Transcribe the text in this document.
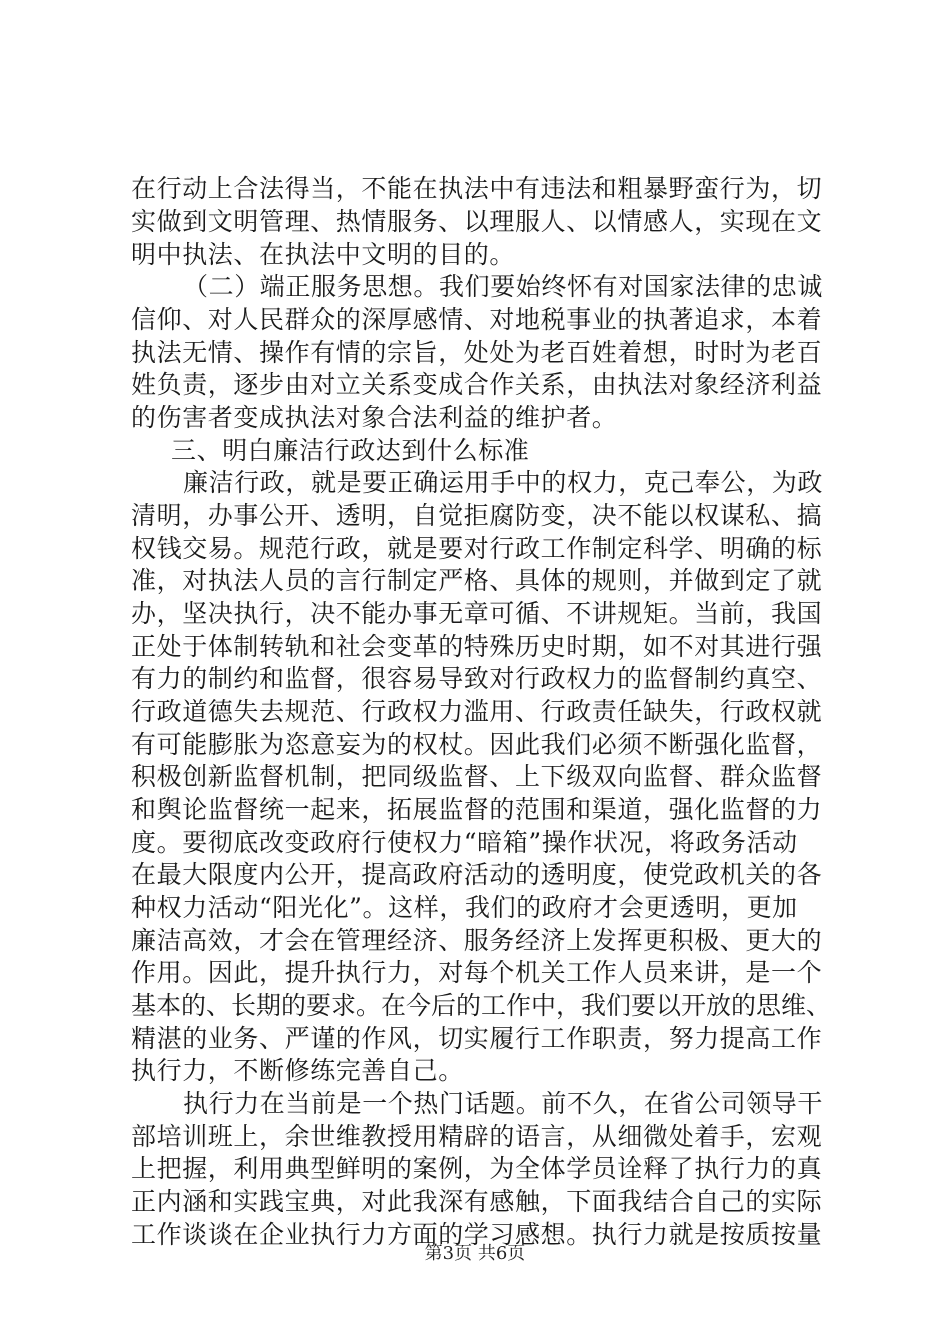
在行动上合法得当，不能在执法中有违法和粗暴野蛮行为，切
实做到文明管理、热情服务、以理服人、以情感人，实现在文
明中执法、在执法中文明的目的。
（二）端正服务思想。我们要始终怀有对国家法律的忠诚
信仰、对人民群众的深厚感情、对地税事业的执著追求，本着
执法无情、操作有情的宗旨，处处为老百姓着想，时时为老百
姓负责，逐步由对立关系变成合作关系，由执法对象经济利益
的伤害者变成执法对象合法利益的维护者。
三、明白廉洁行政达到什么标准
廉洁行政，就是要正确运用手中的权力，克己奉公，为政
清明，办事公开、透明，自觉拒腐防变，决不能以权谋私、搞
权钱交易。规范行政，就是要对行政工作制定科学、明确的标
准，对执法人员的言行制定严格、具体的规则，并做到定了就
办，坚决执行，决不能办事无章可循、不讲规矩。当前，我国
正处于体制转轨和社会变革的特殊历史时期，如不对其进行强
有力的制约和监督，很容易导致对行政权力的监督制约真空、
行政道德失去规范、行政权力滥用、行政责任缺失，行政权就
有可能膨胀为恣意妄为的权杖。因此我们必须不断强化监督，
积极创新监督机制，把同级监督、上下级双向监督、群众监督
和舆论监督统一起来，拓展监督的范围和渠道，强化监督的力
度。要彻底改变政府行使权力“暗箱”操作状况，将政务活动
在最大限度内公开，提高政府活动的透明度，使党政机关的各
种权力活动“阳光化”。这样，我们的政府才会更透明，更加
廉洁高效，才会在管理经济、服务经济上发挥更积极、更大的
作用。因此，提升执行力，对每个机关工作人员来讲，是一个
基本的、长期的要求。在今后的工作中，我们要以开放的思维、
精湛的业务、严谨的作风，切实履行工作职责，努力提高工作
执行力，不断修练完善自己。
执行力在当前是一个热门话题。前不久，在省公司领导干
部培训班上，余世维教授用精辟的语言，从细微处着手，宏观
上把握，利用典型鲜明的案例，为全体学员诠释了执行力的真
正内涵和实践宝典，对此我深有感触，下面我结合自己的实际
工作谈谈在企业执行力方面的学习感想。执行力就是按质按量
第3页 共6页
